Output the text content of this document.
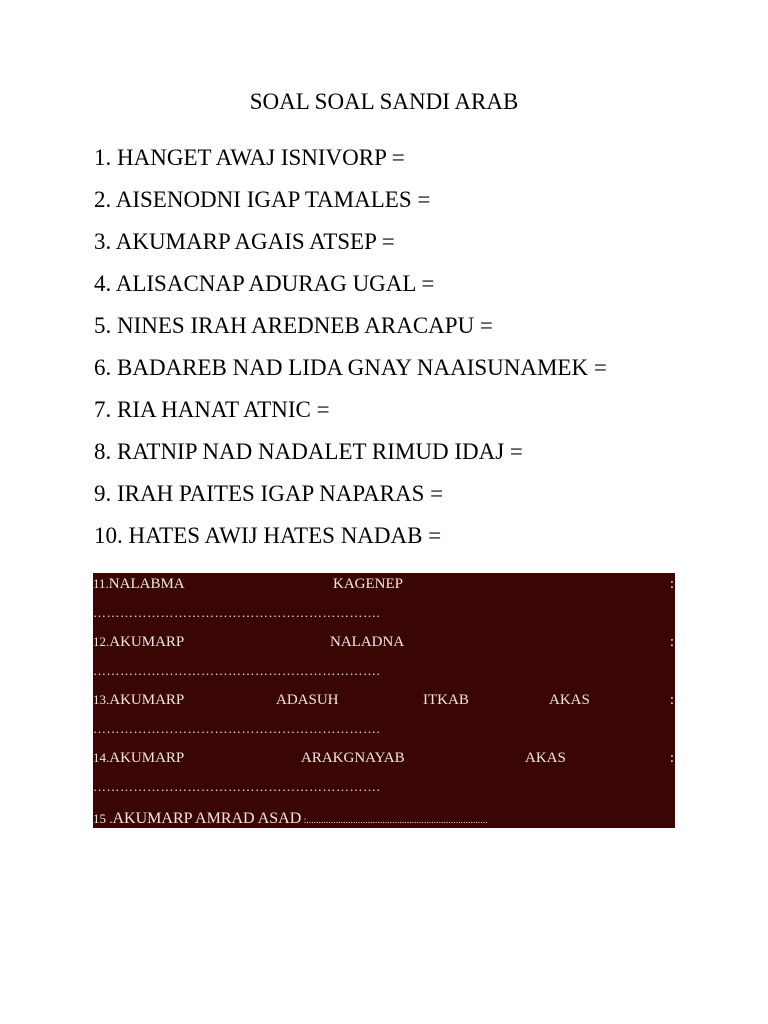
SOAL SOAL SANDI ARAB
1. HANGET AWAJ ISNIVORP =
2. AISENODNI IGAP TAMALES =
3. AKUMARP AGAIS ATSEP =
4. ALISACNAP ADURAG UGAL =
5. NINES IRAH AREDNEB ARACAPU =
6. BADAREB NAD LIDA GNAY NAAISUNAMEK =
7. RIA HANAT ATNIC =
8. RATNIP NAD NADALET RIMUD IDAJ =
9. IRAH PAITES IGAP NAPARAS =
10. HATES AWIJ HATES NADAB =
11.NALABMA	KAGENEP	:
……………………………………………………….
12.AKUMARP	NALADNA	:
……………………………………………………….
13.AKUMARP	ADASUH	ITKAB	AKAS	:
……………………………………………………….
14.AKUMARP	ARAKGNAYAB	AKAS	:
……………………………………………………….
15 .AKUMARP AMRAD ASAD :..........................................................................
